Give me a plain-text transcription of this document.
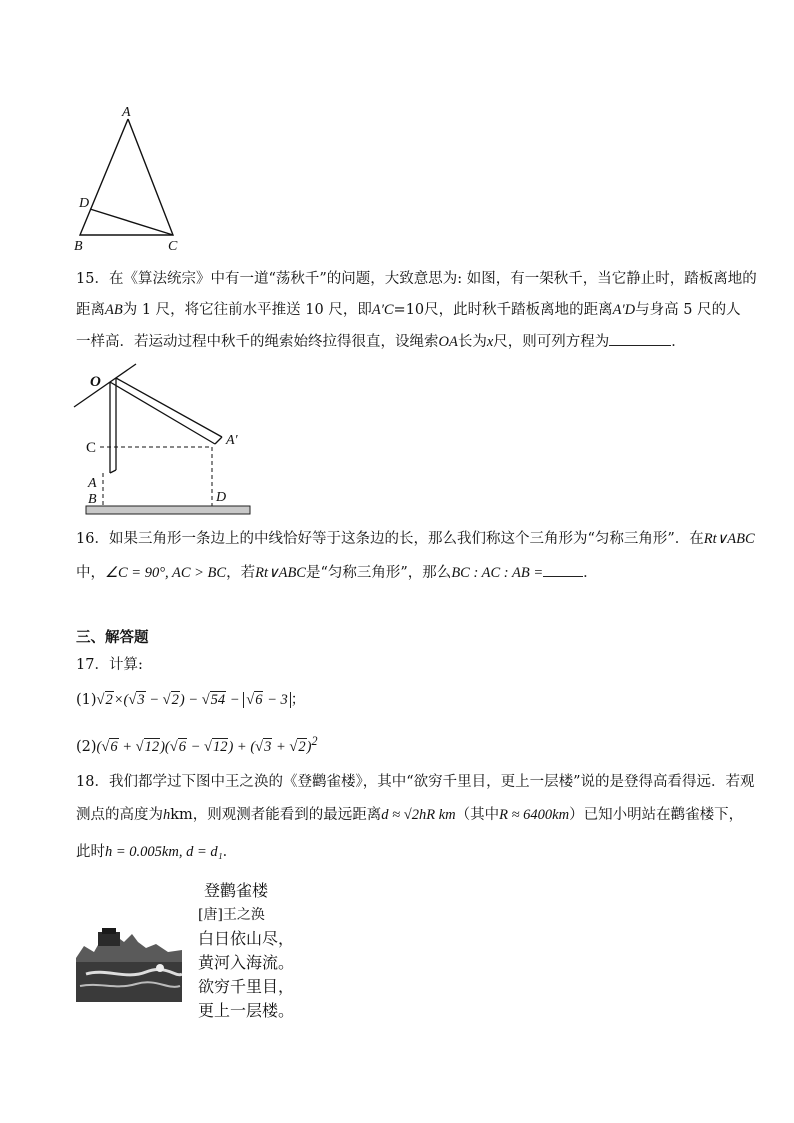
A
D
B	C
15．在《算法统宗》中有一道“荡秋千”的问题，大致意思为: 如图，有一架秋千，当它静止时，踏板离地的
距离AB为 1 尺，将它往前水平推送 10 尺，即A′C=10尺，此时秋千踏板离地的距离A′D与身高 5 尺的人
一样高．若运动过程中秋千的绳索始终拉得很直，设绳索OA长为x尺，则可列方程为	．
O
C
A
B	D
A′
16．如果三角形一条边上的中线恰好等于这条边的长，那么我们称这个三角形为“匀称三角形”．在Rt∨ABC
中，∠C = 90°, AC > BC，若Rt∨ABC是“匀称三角形”，那么BC : AC : AB =	．
三、解答题
17．计算:
(1)√2×(√3 − √2) − √54 − √6 − 3 ；
$(2)(√6 + √12)(√6 - √12) + (√3 + √2)^2$
18．我们都学过下图中王之涣的《登鹳雀楼》，其中“欲穷千里目，更上一层楼”说的是登得高看得远．若观
测点的高度为hkm，则观测者能看到的最远距离d ≈ √2hR km（其中R ≈ 6400km）已知小明站在鹳雀楼下，
此时h = 0.005km, d = d₁．
登鹳雀楼
[唐]王之涣
白日依山尽，
黄河入海流。
欲穷千里目，
更上一层楼。
